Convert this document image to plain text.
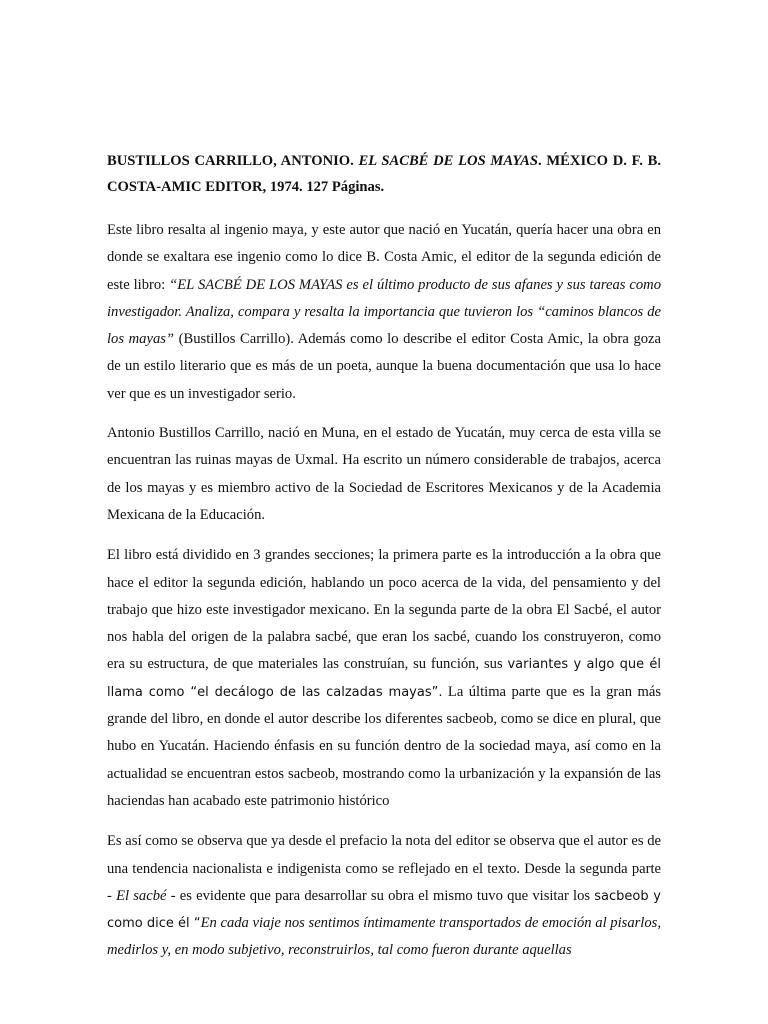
BUSTILLOS CARRILLO, ANTONIO. EL SACBÉ DE LOS MAYAS. MÉXICO D. F. B. COSTA-AMIC EDITOR, 1974. 127 Páginas.

Este libro resalta al ingenio maya, y este autor que nació en Yucatán, quería hacer una obra en donde se exaltara ese ingenio como lo dice B. Costa Amic, el editor de la segunda edición de este libro: “EL SACBÉ DE LOS MAYAS es el último producto de sus afanes y sus tareas como investigador. Analiza, compara y resalta la importancia que tuvieron los “caminos blancos de los mayas” (Bustillos Carrillo). Además como lo describe el editor Costa Amic, la obra goza de un estilo literario que es más de un poeta, aunque la buena documentación que usa lo hace ver que es un investigador serio.

Antonio Bustillos Carrillo, nació en Muna, en el estado de Yucatán, muy cerca de esta villa se encuentran las ruinas mayas de Uxmal. Ha escrito un número considerable de trabajos, acerca de los mayas y es miembro activo de la Sociedad de Escritores Mexicanos y de la Academia Mexicana de la Educación.

El libro está dividido en 3 grandes secciones; la primera parte es la introducción a la obra que hace el editor la segunda edición, hablando un poco acerca de la vida, del pensamiento y del trabajo que hizo este investigador mexicano. En la segunda parte de la obra El Sacbé, el autor nos habla del origen de la palabra sacbé, que eran los sacbé, cuando los construyeron, como era su estructura, de que materiales las construían, su función, sus variantes y algo que él llama como “el decálogo de las calzadas mayas”. La última parte que es la gran más grande del libro, en donde el autor describe los diferentes sacbeob, como se dice en plural, que hubo en Yucatán. Haciendo énfasis en su función dentro de la sociedad maya, así como en la actualidad se encuentran estos sacbeob, mostrando como la urbanización y la expansión de las haciendas han acabado este patrimonio histórico

Es así como se observa que ya desde el prefacio la nota del editor se observa que el autor es de una tendencia nacionalista e indigenista como se reflejado en el texto. Desde la segunda parte - El sacbé - es evidente que para desarrollar su obra el mismo tuvo que visitar los sacbeob y como dice él “En cada viaje nos sentimos íntimamente transportados de emoción al pisarlos, medirlos y, en modo subjetivo, reconstruirlos, tal como fueron durante aquellas
